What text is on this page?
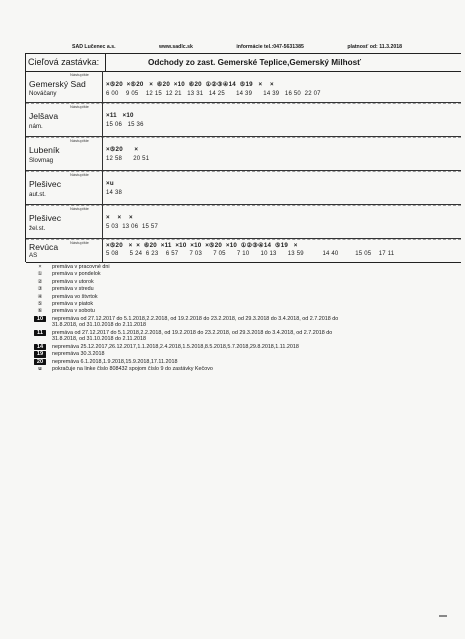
SAD Lučenec a.s.	www.sadlc.sk	informácie tel.:047-5631385	platnosť od: 11.3.2018
Cieľová zastávka:	Odchody zo zast. Gemerské Teplice,Gemerský Milhosť
Nástupište
Gemerský Sad
Nováčany
×⑤20  ×⑤20   ×  ⑥20  ×10  ⑥20  ①②③④14  ⑤19   ×    ×
6 00    9 05    12 15  12 21   13 31   14 25      14 39      14 39   16 50  22 07
Nástupište
Jelšava
nám.
×11   ×10
15 06   15 36
Nástupište
Lubeník
Slovmag
×⑤20      ×
12 58      20 51
Nástupište
Plešivec
aut.st.
×u
14 38
Nástupište
Plešivec
žel.st.
×    ×    ×
5 03  13 06  15 57
Nástupište
Revúca
AS
×⑤20   ×  ×  ⑥20  ×11  ×10  ×10  ×⑤20  ×10  ①②③④14  ⑤19   ×
5 08      5 24  6 23    6 57      7 03      7 05      7 10      10 13      13 59          14 40         15 05    17 11
×	premáva v pracovné dni
①	premáva v pondelok
②	premáva v utorok
③	premáva v stredu
④	premáva vo štvrtok
⑤	premáva v piatok
⑥	premáva v sobotu
10	nepremáva od 27.12.2017 do 5.1.2018,2.2.2018, od 19.2.2018 do 23.2.2018, od 29.3.2018 do 3.4.2018, od 2.7.2018 do
31.8.2018, od 31.10.2018 do 2.11.2018
11	premáva od 27.12.2017 do 5.1.2018,2.2.2018, od 19.2.2018 do 23.2.2018, od 29.3.2018 do 3.4.2018, od 2.7.2018 do
31.8.2018, od 31.10.2018 do 2.11.2018
14	nepremáva 25.12.2017,26.12.2017,1.1.2018,2.4.2018,1.5.2018,8.5.2018,5.7.2018,29.8.2018,1.11.2018
19	nepremáva 30.3.2018
20	nepremáva 6.1.2018,1.9.2018,15.9.2018,17.11.2018
u	pokračuje na linke číslo 808432 spojom číslo 9 do zastávky Kečovo
